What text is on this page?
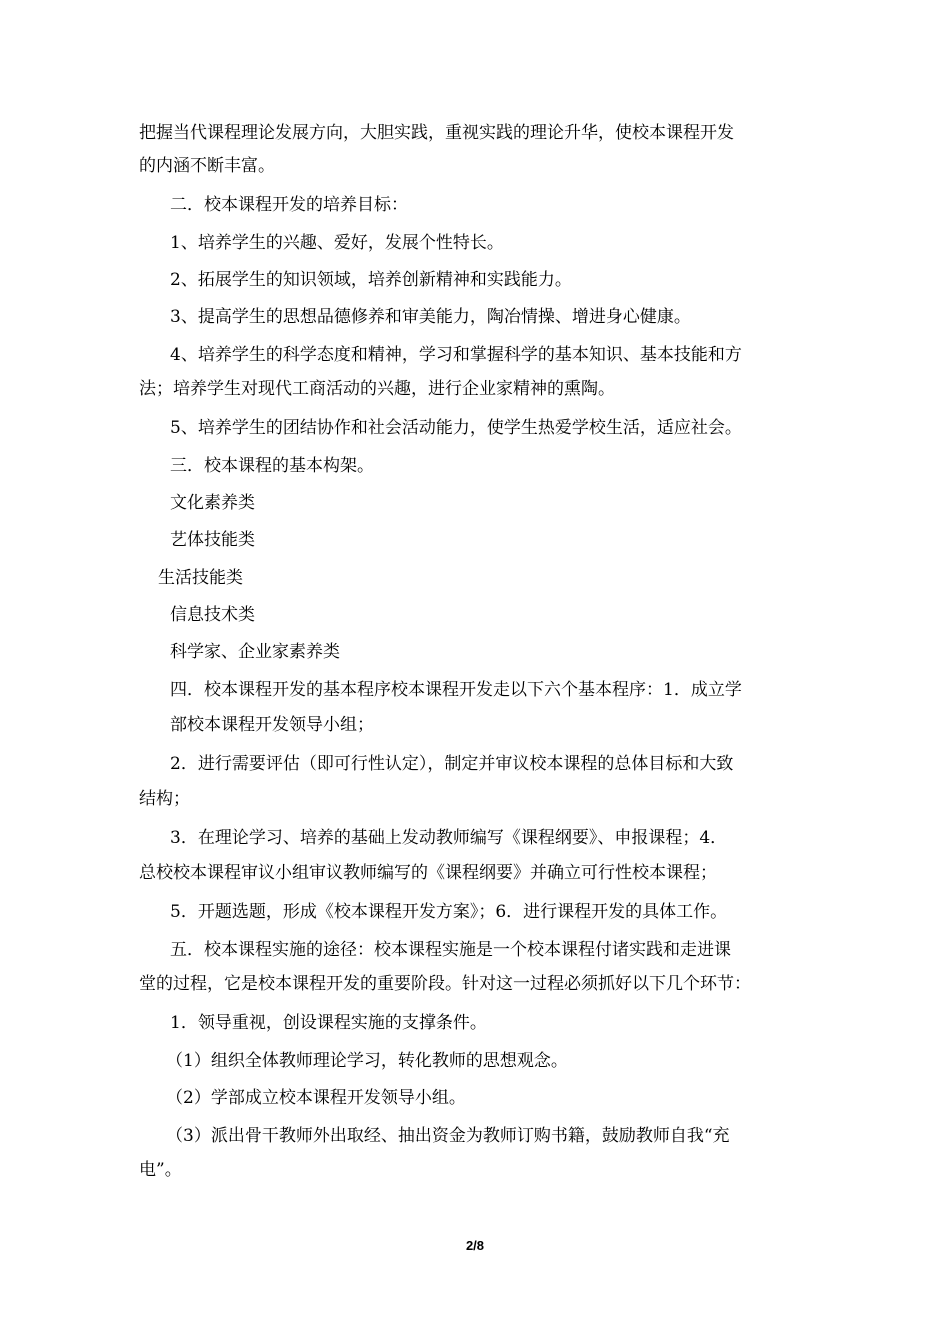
把握当代课程理论发展方向，大胆实践，重视实践的理论升华，使校本课程开发
的内涵不断丰富。
二．校本课程开发的培养目标：
1、培养学生的兴趣、爱好，发展个性特长。
2、拓展学生的知识领域，培养创新精神和实践能力。
3、提高学生的思想品德修养和审美能力，陶冶情操、增进身心健康。
4、培养学生的科学态度和精神，学习和掌握科学的基本知识、基本技能和方
法；培养学生对现代工商活动的兴趣，进行企业家精神的熏陶。
5、培养学生的团结协作和社会活动能力，使学生热爱学校生活，适应社会。
三．校本课程的基本构架。
文化素养类
艺体技能类
生活技能类
信息技术类
科学家、企业家素养类
四．校本课程开发的基本程序校本课程开发走以下六个基本程序：1．成立学
部校本课程开发领导小组；
2．进行需要评估（即可行性认定），制定并审议校本课程的总体目标和大致
结构；
3．在理论学习、培养的基础上发动教师编写《课程纲要》、申报课程；4．
总校校本课程审议小组审议教师编写的《课程纲要》并确立可行性校本课程；
5．开题选题，形成《校本课程开发方案》；6．进行课程开发的具体工作。
五．校本课程实施的途径：校本课程实施是一个校本课程付诸实践和走进课
堂的过程，它是校本课程开发的重要阶段。针对这一过程必须抓好以下几个环节：
1．领导重视，创设课程实施的支撑条件。
（1）组织全体教师理论学习，转化教师的思想观念。
（2）学部成立校本课程开发领导小组。
（3）派出骨干教师外出取经、抽出资金为教师订购书籍，鼓励教师自我“充
电”。
2/8
